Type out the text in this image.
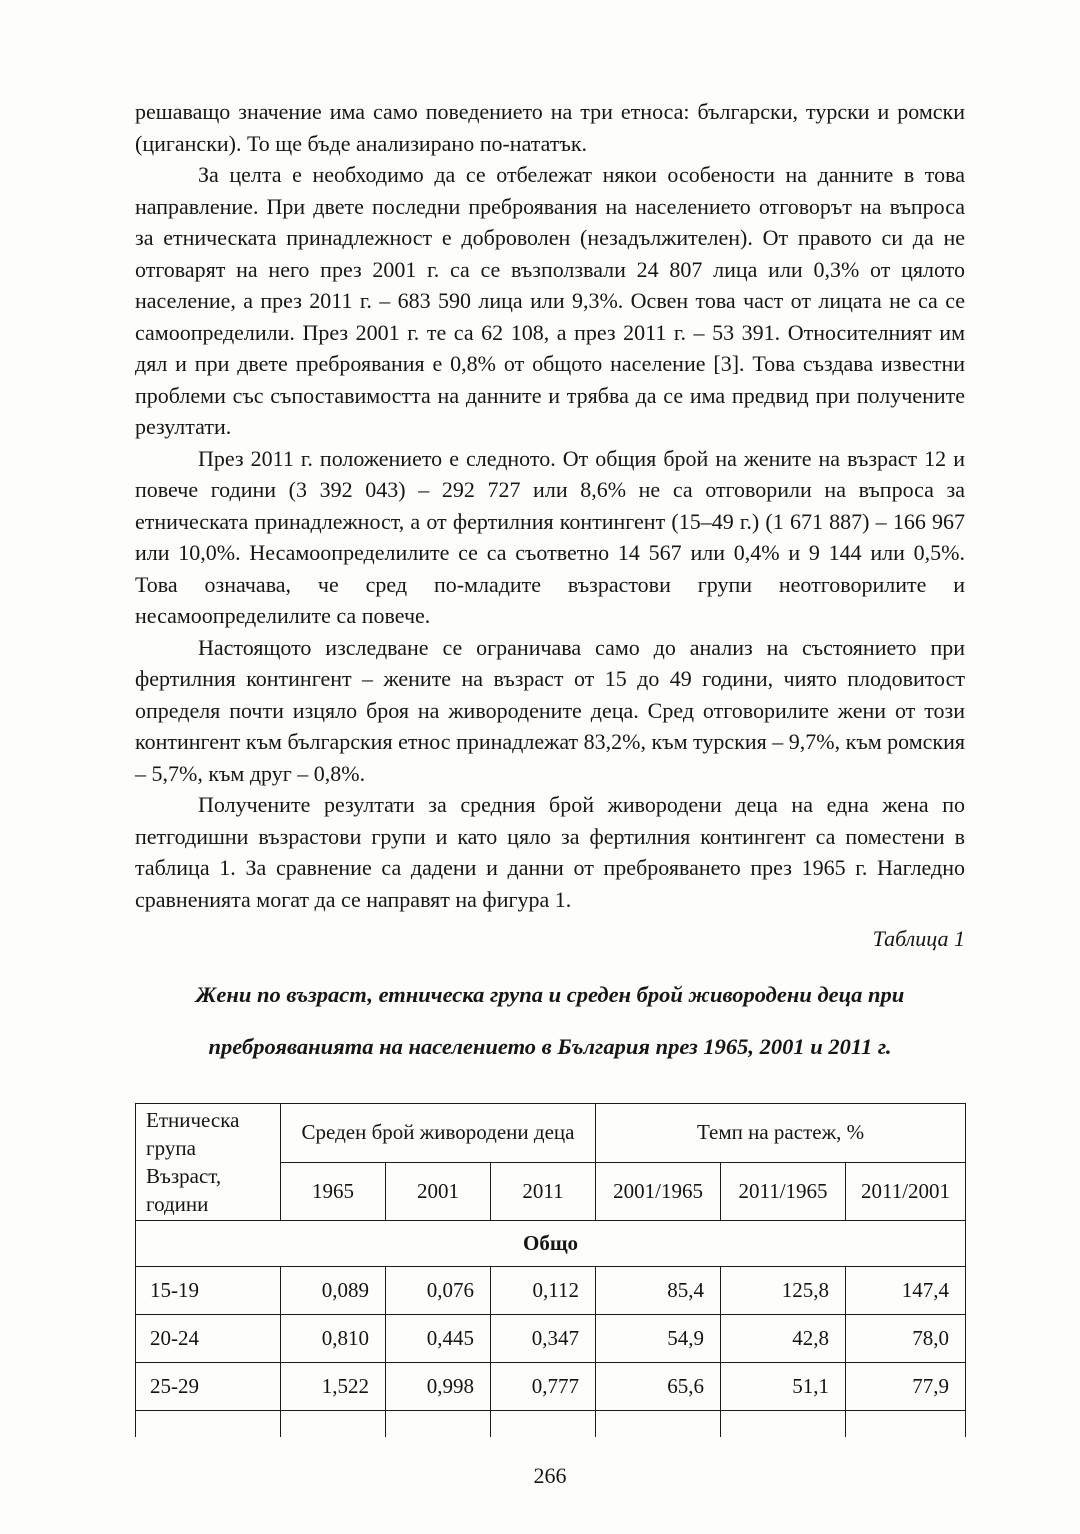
решаващо значение има само поведението на три етноса: български, турски и ромски (цигански). То ще бъде анализирано по-нататък.

За целта е необходимо да се отбележат някои особености на данните в това направление. При двете последни преброявания на населението отговорът на въпроса за етническата принадлежност е доброволен (незадължителен). От правото си да не отговарят на него през 2001 г. са се възползвали 24 807 лица или 0,3% от цялото население, а през 2011 г. – 683 590 лица или 9,3%. Освен това част от лицата не са се самоопределили. През 2001 г. те са 62 108, а през 2011 г. – 53 391. Относителният им дял и при двете преброявания е 0,8% от общото население [3]. Това създава известни проблеми със съпоставимостта на данните и трябва да се има предвид при получените резултати.

През 2011 г. положението е следното. От общия брой на жените на възраст 12 и повече години (3 392 043) – 292 727 или 8,6% не са отговорили на въпроса за етническата принадлежност, а от фертилния контингент (15–49 г.) (1 671 887) – 166 967 или 10,0%. Несамоопределилите се са съответно 14 567 или 0,4% и 9 144 или 0,5%. Това означава, че сред по-младите възрастови групи неотговорилите и несамоопределилите са повече.

Настоящото изследване се ограничава само до анализ на състоянието при фертилния контингент – жените на възраст от 15 до 49 години, чиято плодовитост определя почти изцяло броя на живородените деца. Сред отговорилите жени от този контингент към българския етнос принадлежат 83,2%, към турския – 9,7%, към ромския – 5,7%, към друг – 0,8%.

Получените резултати за средния брой живородени деца на една жена по петгодишни възрастови групи и като цяло за фертилния контингент са поместени в таблица 1. За сравнение са дадени и данни от преброяването през 1965 г. Нагледно сравненията могат да се направят на фигура 1.

Таблица 1
Жени по възраст, етническа група и среден брой живородени деца при преброяванията на населението в България през 1965, 2001 и 2011 г.
Етническа
група
Възраст,
години	Среден брой живородени деца			Темп на растеж, %		
	1965	2001	2011	2001/1965	2011/1965	2011/2001
Общо						
15-19	0,089	0,076	0,112	85,4	125,8	147,4
20-24	0,810	0,445	0,347	54,9	42,8	78,0
25-29	1,522	0,998	0,777	65,6	51,1	77,9

266
